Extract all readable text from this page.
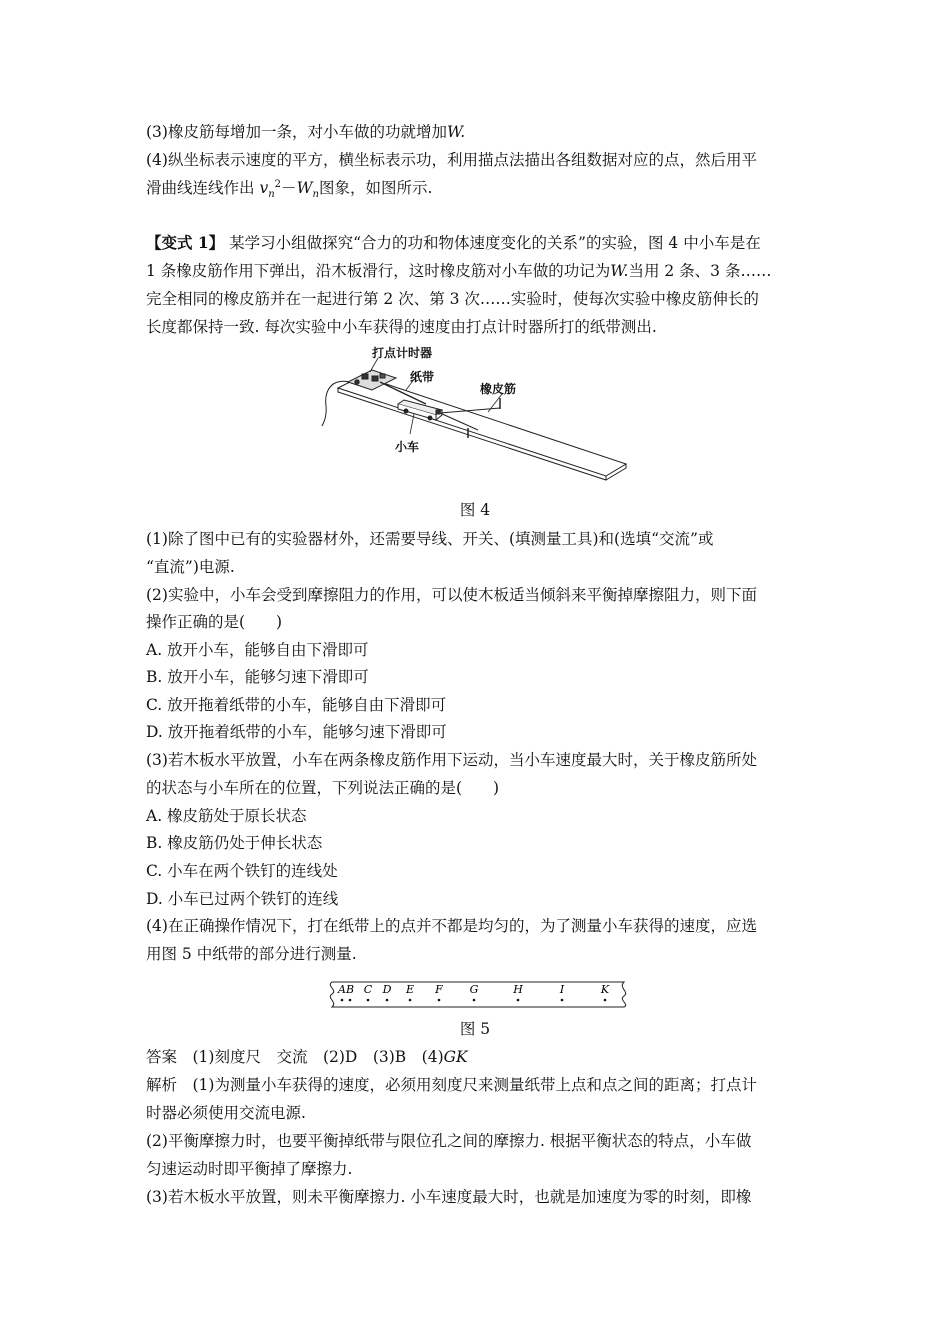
(3)橡皮筋每增加一条，对小车做的功就增加W.
(4)纵坐标表示速度的平方，横坐标表示功，利用描点法描出各组数据对应的点，然后用平
滑曲线连线作出 $v_n^2-W_n$图象，如图所示.
【变式 1】 某学习小组做探究“合力的功和物体速度变化的关系”的实验，图 4 中小车是在
1 条橡皮筋作用下弹出，沿木板滑行，这时橡皮筋对小车做的功记为W.当用 2 条、3 条……
完全相同的橡皮筋并在一起进行第 2 次、第 3 次……实验时，使每次实验中橡皮筋伸长的
长度都保持一致. 每次实验中小车获得的速度由打点计时器所打的纸带测出.
打点计时器
纸带
橡皮筋
小车
图 4
(1)除了图中已有的实验器材外，还需要导线、开关、(填测量工具)和(选填“交流”或
“直流”)电源.
(2)实验中，小车会受到摩擦阻力的作用，可以使木板适当倾斜来平衡掉摩擦阻力，则下面
操作正确的是(　　)
A. 放开小车，能够自由下滑即可
B. 放开小车，能够匀速下滑即可
C. 放开拖着纸带的小车，能够自由下滑即可
D. 放开拖着纸带的小车，能够匀速下滑即可
(3)若木板水平放置，小车在两条橡皮筋作用下运动，当小车速度最大时，关于橡皮筋所处
的状态与小车所在的位置，下列说法正确的是(　　)
A. 橡皮筋处于原长状态
B. 橡皮筋仍处于伸长状态
C. 小车在两个铁钉的连线处
D. 小车已过两个铁钉的连线
(4)在正确操作情况下，打在纸带上的点并不都是均匀的，为了测量小车获得的速度，应选
用图 5 中纸带的部分进行测量.
A B C D E F G	H	I	K
图 5
答案　(1)刻度尺　交流　(2)D　(3)B　(4)GK
解析　(1)为测量小车获得的速度，必须用刻度尺来测量纸带上点和点之间的距离；打点计
时器必须使用交流电源.
(2)平衡摩擦力时，也要平衡掉纸带与限位孔之间的摩擦力. 根据平衡状态的特点，小车做
匀速运动时即平衡掉了摩擦力.
(3)若木板水平放置，则未平衡摩擦力. 小车速度最大时，也就是加速度为零的时刻，即橡
